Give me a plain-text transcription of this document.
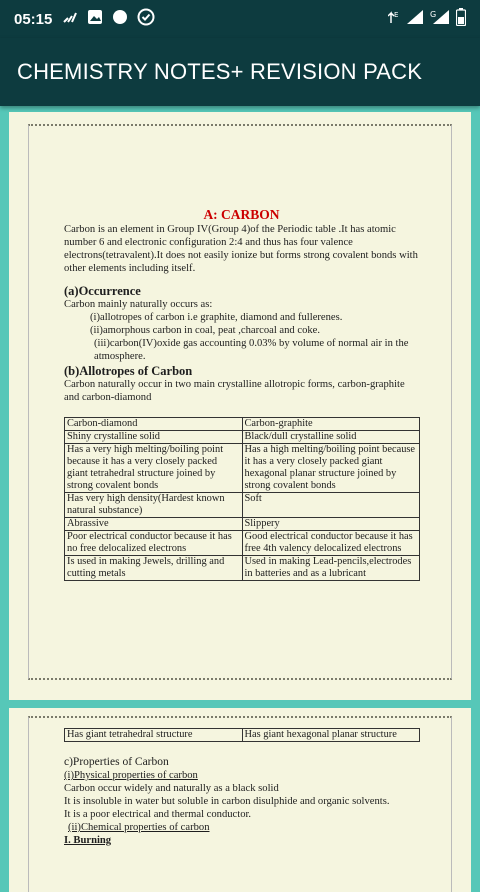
05:15	E	G
CHEMISTRY NOTES+ REVISION PACK
A: CARBON

Carbon is an element in Group IV(Group 4)of the Periodic table .It has atomic number 6 and electronic configuration 2:4 and thus has four valence electrons(tetravalent).It does not easily ionize but forms strong covalent bonds with other elements including itself.

(a)Occurrence

Carbon mainly naturally occurs as:

(i)allotropes of carbon i.e graphite, diamond and fullerenes.

(ii)amorphous carbon in coal, peat ,charcoal and coke.

(iii)carbon(IV)oxide gas accounting 0.03% by volume of normal air in the atmosphere.

(b)Allotropes of Carbon

Carbon naturally occur in two main crystalline allotropic forms, carbon-graphite and carbon-diamond

Carbon-diamond	Carbon-graphite
Shiny crystalline solid	Black/dull crystalline solid
Has a very high melting/boiling point because it has a very closely packed giant tetrahedral structure joined by strong covalent bonds	Has a high melting/boiling point because it has a very closely packed giant hexagonal planar structure joined by strong covalent bonds
Has very high density(Hardest known natural substance)	Soft
Abrassive	Slippery
Poor electrical conductor because it has no free delocalized electrons	Good electrical conductor because it has free 4th valency delocalized electrons
Is used in making Jewels, drilling and cutting metals	Used in making Lead-pencils,electrodes in batteries and as a lubricant
Has giant tetrahedral structure	Has giant hexagonal planar structure
c)Properties of Carbon

(i)Physical properties of carbon

Carbon occur widely and naturally as a black solid

It is insoluble in water but soluble in carbon disulphide and organic solvents.

It is a poor electrical and thermal conductor.

(ii)Chemical properties of carbon

I. Burning
